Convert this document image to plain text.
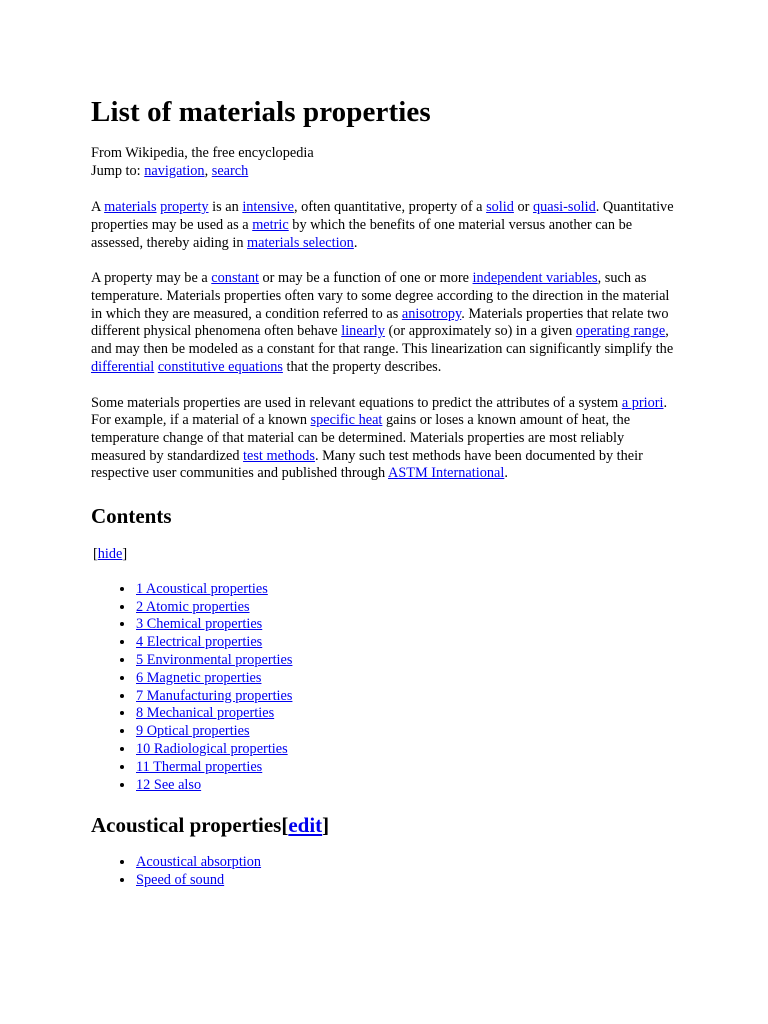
List of materials properties
From Wikipedia, the free encyclopedia
Jump to: navigation, search

A materials property is an intensive, often quantitative, property of a solid or quasi-solid. Quantitative properties may be used as a metric by which the benefits of one material versus another can be assessed, thereby aiding in materials selection.

A property may be a constant or may be a function of one or more independent variables, such as temperature. Materials properties often vary to some degree according to the direction in the material in which they are measured, a condition referred to as anisotropy. Materials properties that relate two different physical phenomena often behave linearly (or approximately so) in a given operating range, and may then be modeled as a constant for that range. This linearization can significantly simplify the differential constitutive equations that the property describes.

Some materials properties are used in relevant equations to predict the attributes of a system a priori. For example, if a material of a known specific heat gains or loses a known amount of heat, the temperature change of that material can be determined. Materials properties are most reliably measured by standardized test methods. Many such test methods have been documented by their respective user communities and published through ASTM International.

Contents
[hide]
• 1 Acoustical properties
• 2 Atomic properties
• 3 Chemical properties
• 4 Electrical properties
• 5 Environmental properties
• 6 Magnetic properties
• 7 Manufacturing properties
• 8 Mechanical properties
• 9 Optical properties
• 10 Radiological properties
• 11 Thermal properties
• 12 See also
Acoustical properties[edit]
• Acoustical absorption
• Speed of sound
